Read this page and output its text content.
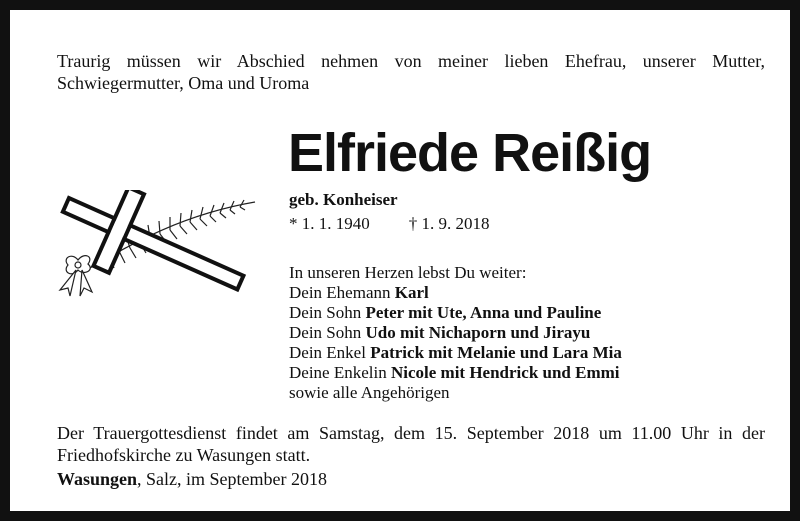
Traurig müssen wir Abschied nehmen von meiner lieben Ehefrau, unserer Mutter, Schwiegermutter, Oma und Uroma
Elfriede Reißig
geb. Konheiser
* 1. 1. 1940 † 1. 9. 2018
In unseren Herzen lebst Du weiter:
Dein Ehemann Karl
Dein Sohn Peter mit Ute, Anna und Pauline
Dein Sohn Udo mit Nichaporn und Jirayu
Dein Enkel Patrick mit Melanie und Lara Mia
Deine Enkelin Nicole mit Hendrick und Emmi
sowie alle Angehörigen
Der Trauergottesdienst findet am Samstag, dem 15. September 2018 um 11.00 Uhr in der Friedhofskirche zu Wasungen statt.
Wasungen, Salz, im September 2018
